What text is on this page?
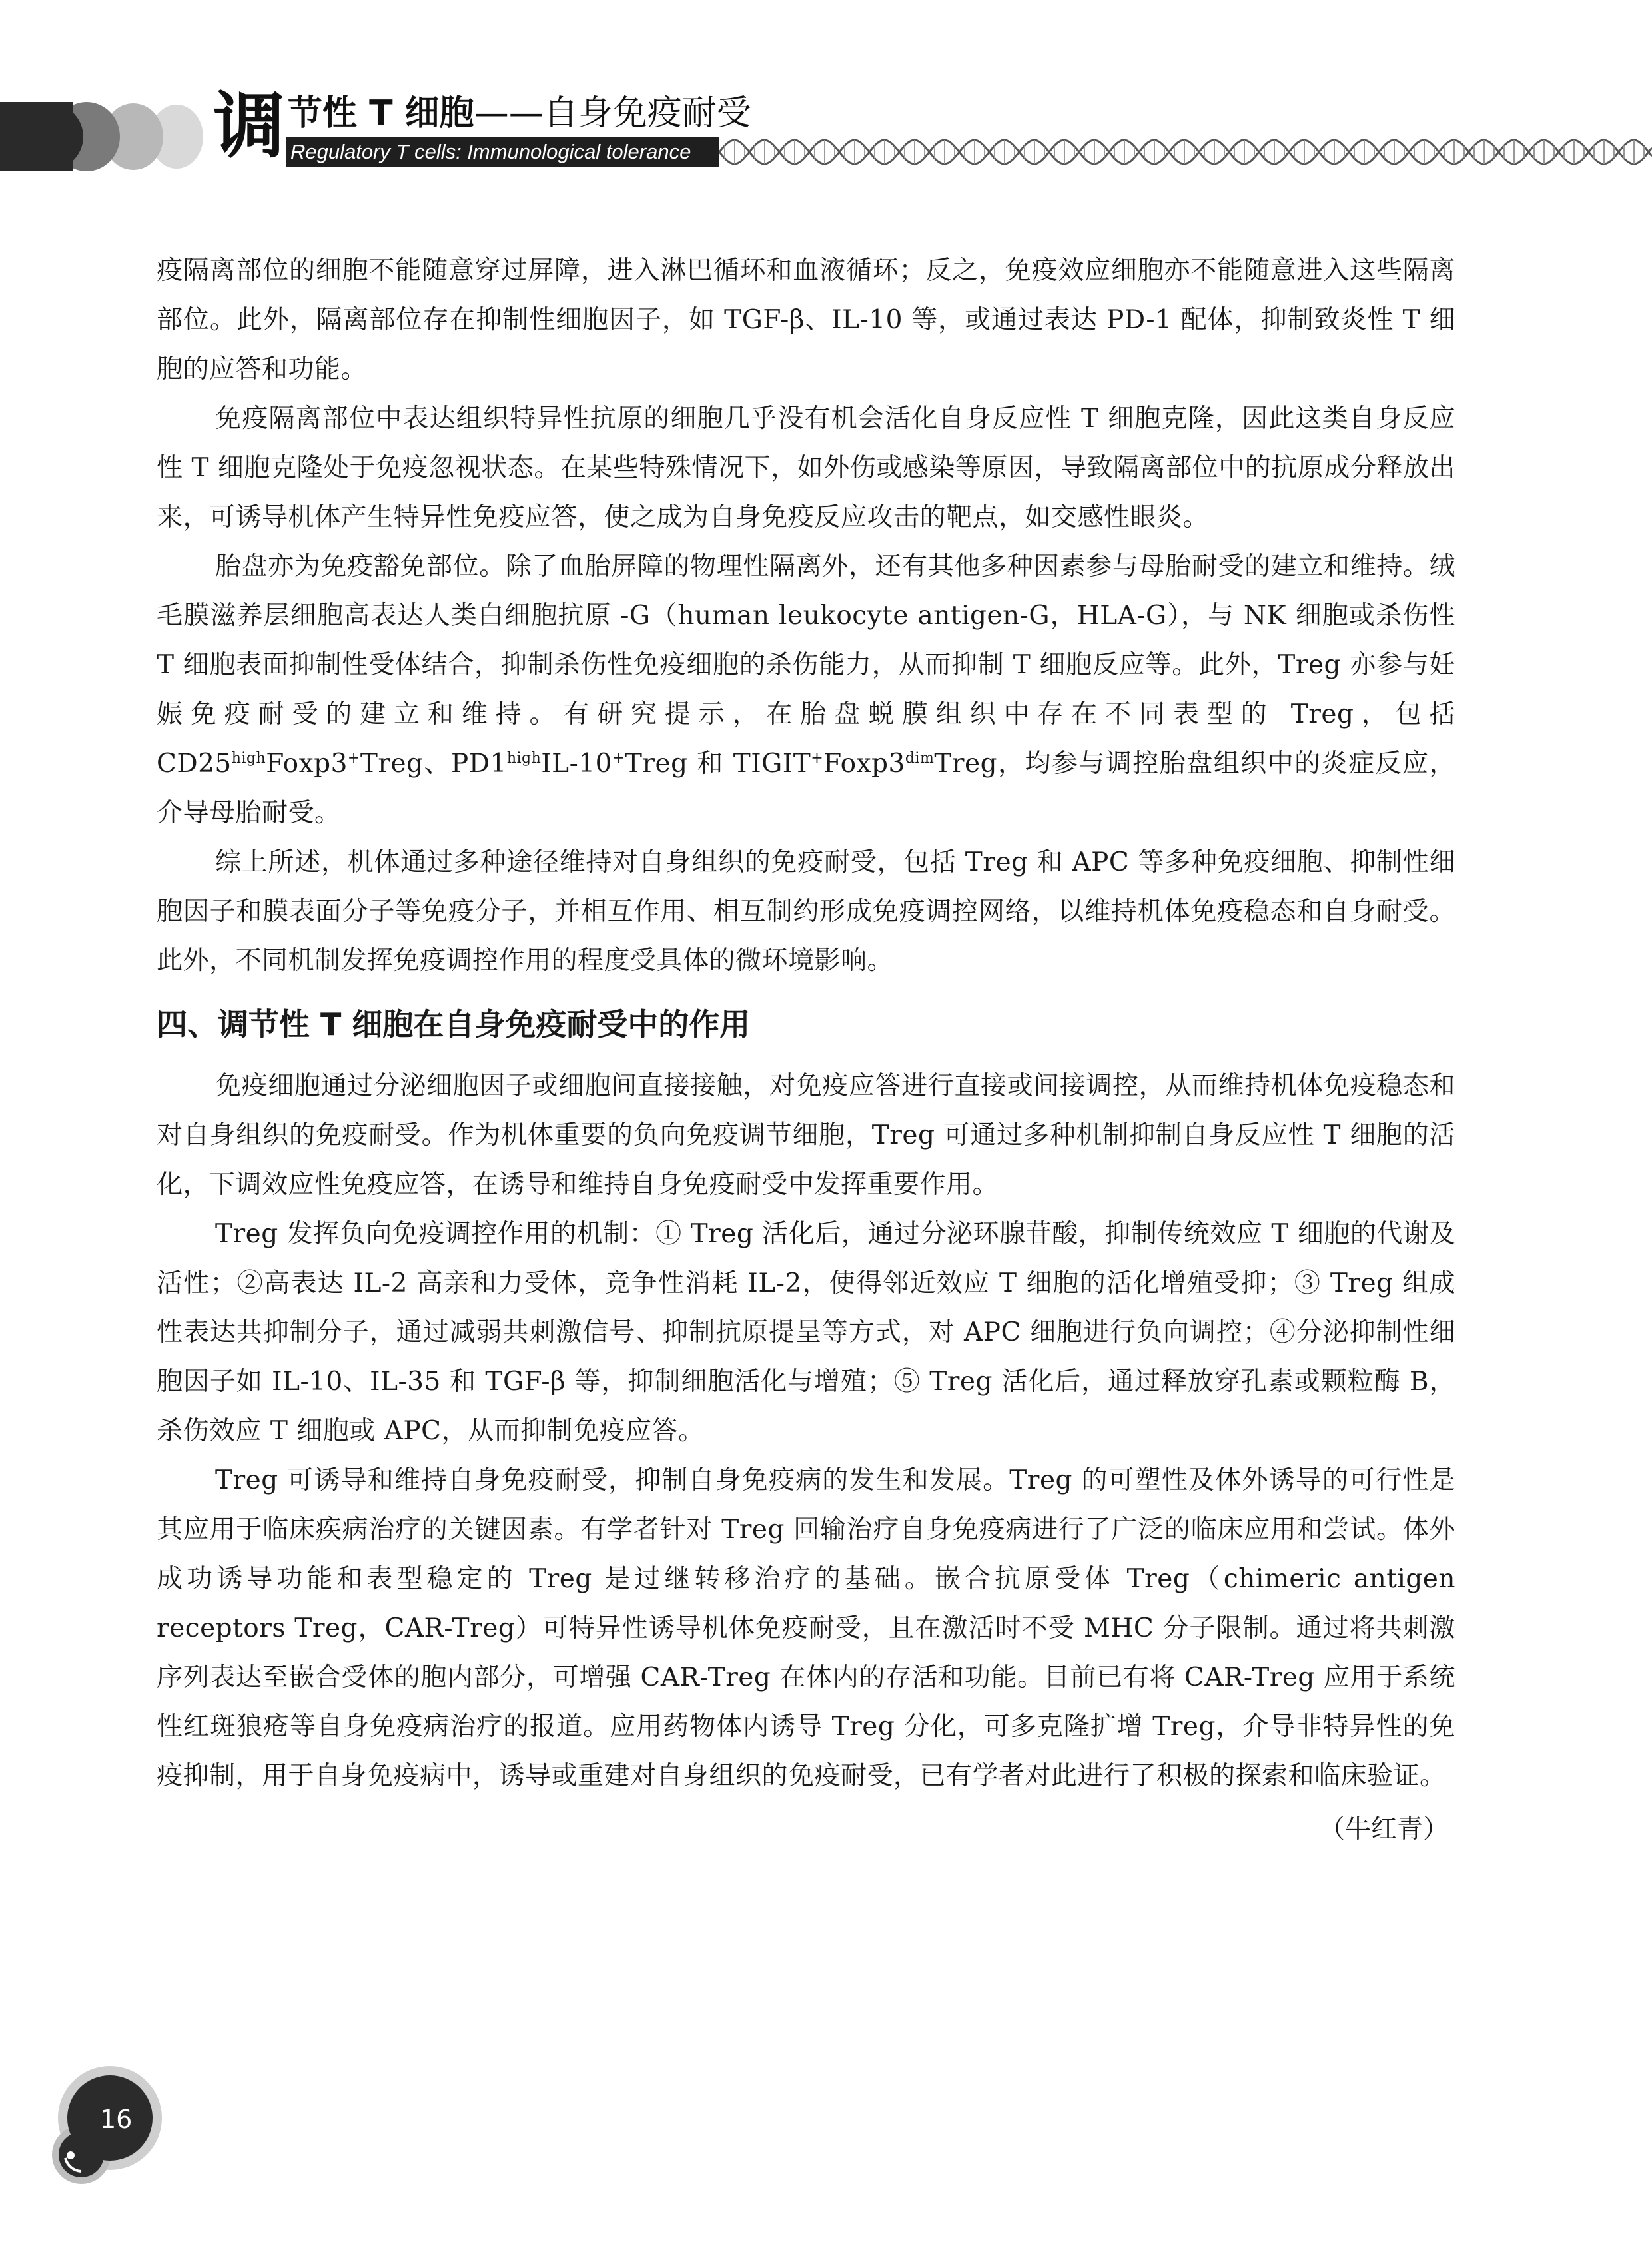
调 节性 T 细胞——自身免疫耐受
Regulatory T cells: Immunological tolerance

疫隔离部位的细胞不能随意穿过屏障，进入淋巴循环和血液循环；反之，免疫效应细胞亦不能随意进入这些隔离部位。此外，隔离部位存在抑制性细胞因子，如 TGF-β、IL-10 等，或通过表达 PD-1 配体，抑制致炎性 T 细胞的应答和功能。

免疫隔离部位中表达组织特异性抗原的细胞几乎没有机会活化自身反应性 T 细胞克隆，因此这类自身反应性 T 细胞克隆处于免疫忽视状态。在某些特殊情况下，如外伤或感染等原因，导致隔离部位中的抗原成分释放出来，可诱导机体产生特异性免疫应答，使之成为自身免疫反应攻击的靶点，如交感性眼炎。

胎盘亦为免疫豁免部位。除了血胎屏障的物理性隔离外，还有其他多种因素参与母胎耐受的建立和维持。绒毛膜滋养层细胞高表达人类白细胞抗原 -G（human leukocyte antigen-G，HLA-G），与 NK 细胞或杀伤性 T 细胞表面抑制性受体结合，抑制杀伤性免疫细胞的杀伤能力，从而抑制 T 细胞反应等。此外，Treg 亦参与妊娠免疫耐受的建立和维持。有研究提示，在胎盘蜕膜组织中存在不同表型的 Treg，包括 $CD25^{high}Foxp3^+Treg$、$PD1^{high}IL-10^+Treg$ 和 $TIGIT^+Foxp3^{dim}Treg$，均参与调控胎盘组织中的炎症反应，介导母胎耐受。

综上所述，机体通过多种途径维持对自身组织的免疫耐受，包括 Treg 和 APC 等多种免疫细胞、抑制性细胞因子和膜表面分子等免疫分子，并相互作用、相互制约形成免疫调控网络，以维持机体免疫稳态和自身耐受。此外，不同机制发挥免疫调控作用的程度受具体的微环境影响。

四、调节性 T 细胞在自身免疫耐受中的作用

免疫细胞通过分泌细胞因子或细胞间直接接触，对免疫应答进行直接或间接调控，从而维持机体免疫稳态和对自身组织的免疫耐受。作为机体重要的负向免疫调节细胞，Treg 可通过多种机制抑制自身反应性 T 细胞的活化，下调效应性免疫应答，在诱导和维持自身免疫耐受中发挥重要作用。

Treg 发挥负向免疫调控作用的机制：① Treg 活化后，通过分泌环腺苷酸，抑制传统效应 T 细胞的代谢及活性；②高表达 IL-2 高亲和力受体，竞争性消耗 IL-2，使得邻近效应 T 细胞的活化增殖受抑；③ Treg 组成性表达共抑制分子，通过减弱共刺激信号、抑制抗原提呈等方式，对 APC 细胞进行负向调控；④分泌抑制性细胞因子如 IL-10、IL-35 和 TGF-β 等，抑制细胞活化与增殖；⑤ Treg 活化后，通过释放穿孔素或颗粒酶 B，杀伤效应 T 细胞或 APC，从而抑制免疫应答。

Treg 可诱导和维持自身免疫耐受，抑制自身免疫病的发生和发展。Treg 的可塑性及体外诱导的可行性是其应用于临床疾病治疗的关键因素。有学者针对 Treg 回输治疗自身免疫病进行了广泛的临床应用和尝试。体外成功诱导功能和表型稳定的 Treg 是过继转移治疗的基础。嵌合抗原受体 Treg（chimeric antigen receptors Treg，CAR-Treg）可特异性诱导机体免疫耐受，且在激活时不受 MHC 分子限制。通过将共刺激序列表达至嵌合受体的胞内部分，可增强 CAR-Treg 在体内的存活和功能。目前已有将 CAR-Treg 应用于系统性红斑狼疮等自身免疫病治疗的报道。应用药物体内诱导 Treg 分化，可多克隆扩增 Treg，介导非特异性的免疫抑制，用于自身免疫病中，诱导或重建对自身组织的免疫耐受，已有学者对此进行了积极的探索和临床验证。

（牛红青）
16
